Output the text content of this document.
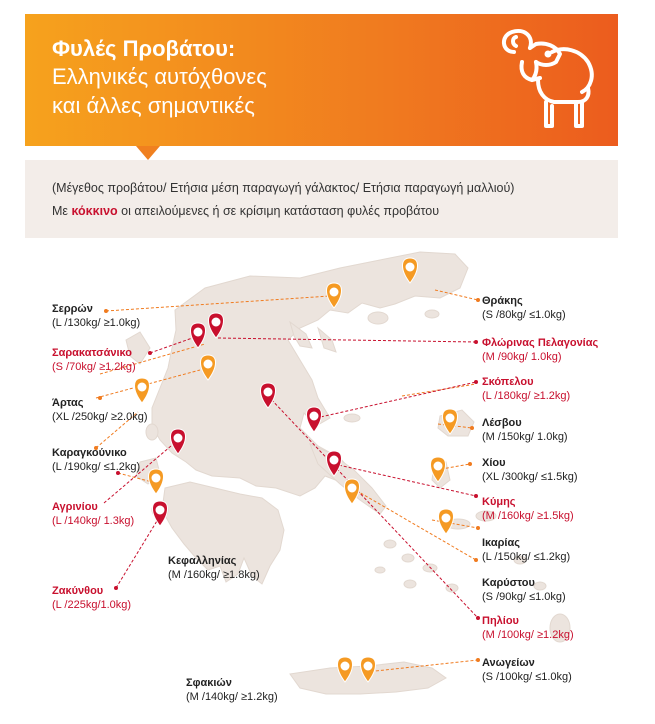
Φυλές Προβάτου:
Ελληνικές αυτόχθονες
και άλλες σημαντικές
(Μέγεθος προβάτου/ Ετήσια μέση παραγωγή γάλακτος/ Ετήσια παραγωγή μαλλιού)
Με κόκκινο οι απειλούμενες ή σε κρίσιμη κατάσταση φυλές προβάτου
Σερρών
(L /130kg/ ≥1.0kg)
Σαρακατσάνικο
(S /70kg/ ≥1.2kg)
Άρτας
(XL /250kg/ ≥2.0kg)
Καραγκούνικο
(L /190kg/ ≤1.2kg)
Αγρινίου
(L /140kg/ 1.3kg)
Κεφαλληνίας
(M /160kg/ ≥1.8kg)
Ζακύνθου
(L /225kg/1.0kg)
Σφακιών
(M /140kg/ ≥1.2kg)
Θράκης
(S /80kg/ ≤1.0kg)
Φλώρινας Πελαγονίας
(M /90kg/ 1.0kg)
Σκόπελου
(L /180kg/ ≥1.2kg)
Λέσβου
(M /150kg/ 1.0kg)
Χίου
(XL /300kg/ ≤1.5kg)
Κύμης
(M /160kg/ ≥1.5kg)
Ικαρίας
(L /150kg/ ≤1.2kg)
Καρύστου
(S /90kg/ ≤1.0kg)
Πηλίου
(M /100kg/ ≥1.2kg)
Ανωγείων
(S /100kg/ ≤1.0kg)
